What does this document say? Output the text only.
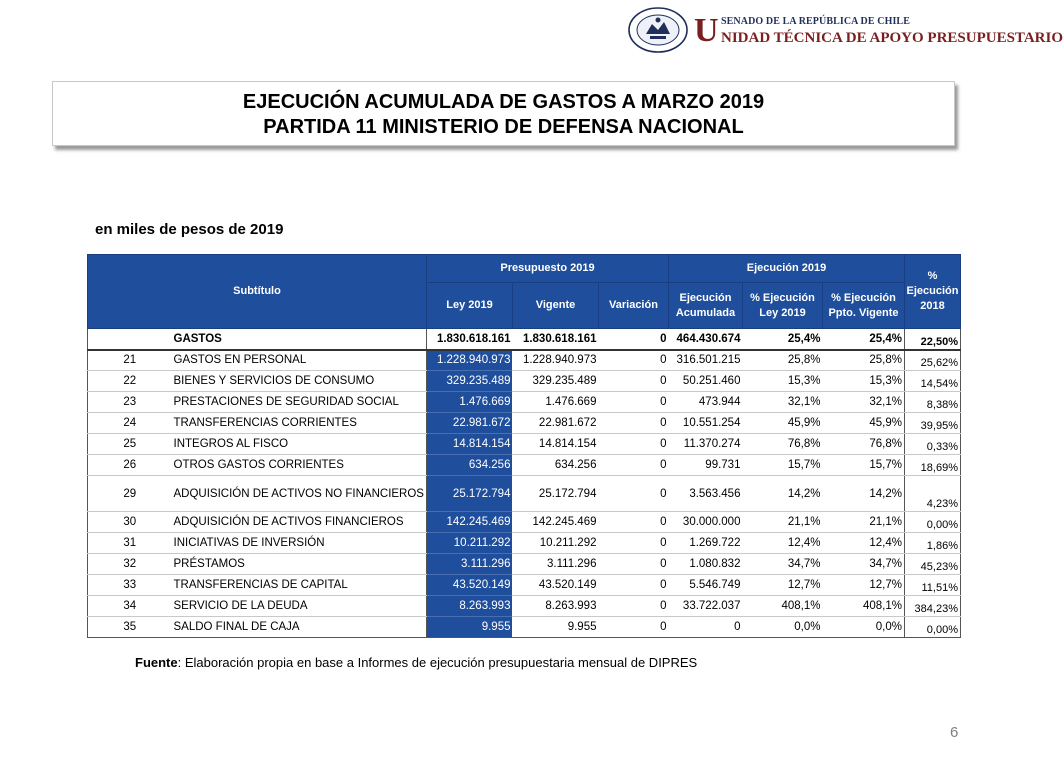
U SENADO DE LA REPÚBLICA DE CHILE
NIDAD TÉCNICA DE APOYO PRESUPUESTARIO
EJECUCIÓN ACUMULADA DE GASTOS A MARZO 2019
PARTIDA 11 MINISTERIO DE DEFENSA NACIONAL
en miles de pesos de 2019
Subtítulo		Presupuesto 2019			Ejecución 2019			% Ejecución 2018
		Ley 2019	Vigente	Variación	Ejecución Acumulada	% Ejecución Ley 2019	% Ejecución Ppto. Vigente	
	GASTOS	1.830.618.161	1.830.618.161	0	464.430.674	25,4%	25,4%	22,50%
21	GASTOS EN PERSONAL	1.228.940.973	1.228.940.973	0	316.501.215	25,8%	25,8%	25,62%
22	BIENES Y SERVICIOS DE CONSUMO	329.235.489	329.235.489	0	50.251.460	15,3%	15,3%	14,54%
23	PRESTACIONES DE SEGURIDAD SOCIAL	1.476.669	1.476.669	0	473.944	32,1%	32,1%	8,38%
24	TRANSFERENCIAS CORRIENTES	22.981.672	22.981.672	0	10.551.254	45,9%	45,9%	39,95%
25	INTEGROS AL FISCO	14.814.154	14.814.154	0	11.370.274	76,8%	76,8%	0,33%
26	OTROS GASTOS CORRIENTES	634.256	634.256	0	99.731	15,7%	15,7%	18,69%
29	ADQUISICIÓN DE ACTIVOS NO FINANCIEROS	25.172.794	25.172.794	0	3.563.456	14,2%	14,2%	4,23%
30	ADQUISICIÓN DE ACTIVOS FINANCIEROS	142.245.469	142.245.469	0	30.000.000	21,1%	21,1%	0,00%
31	INICIATIVAS DE INVERSIÓN	10.211.292	10.211.292	0	1.269.722	12,4%	12,4%	1,86%
32	PRÉSTAMOS	3.111.296	3.111.296	0	1.080.832	34,7%	34,7%	45,23%
33	TRANSFERENCIAS DE CAPITAL	43.520.149	43.520.149	0	5.546.749	12,7%	12,7%	11,51%
34	SERVICIO DE LA DEUDA	8.263.993	8.263.993	0	33.722.037	408,1%	408,1%	384,23%
35	SALDO FINAL DE CAJA	9.955	9.955	0	0	0,0%	0,0%	0,00%
Fuente: Elaboración propia en base a Informes de ejecución presupuestaria mensual de DIPRES
6
